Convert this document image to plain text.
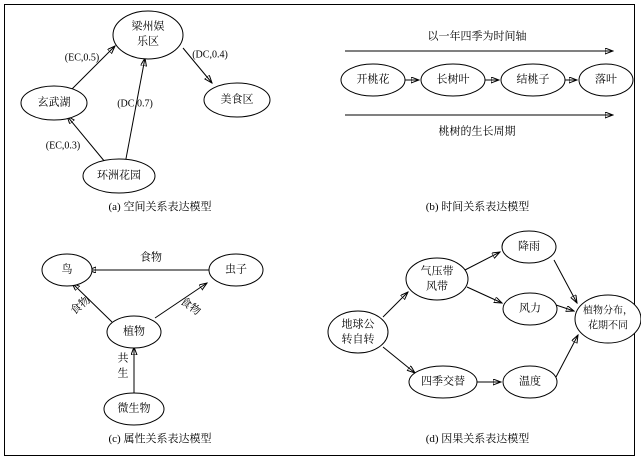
梁州娱
乐区
玄武湖	美食区
环洲花园
(EC,0.5)	(DC,0.4)
(DC,0.7)
(EC,0.3)
(a) 空间关系表达模型
以一年四季为时间轴
开桃花	长树叶	结桃子	落叶
桃树的生长周期
(b) 时间关系表达模型
鸟	虫子
植物
微生物
食物
食物	食物
共
生
(c) 属性关系表达模型
地球公
转自转
气压带
风带
四季交替
降雨
风力
温度
植物分布，
花期不同
(d) 因果关系表达模型
